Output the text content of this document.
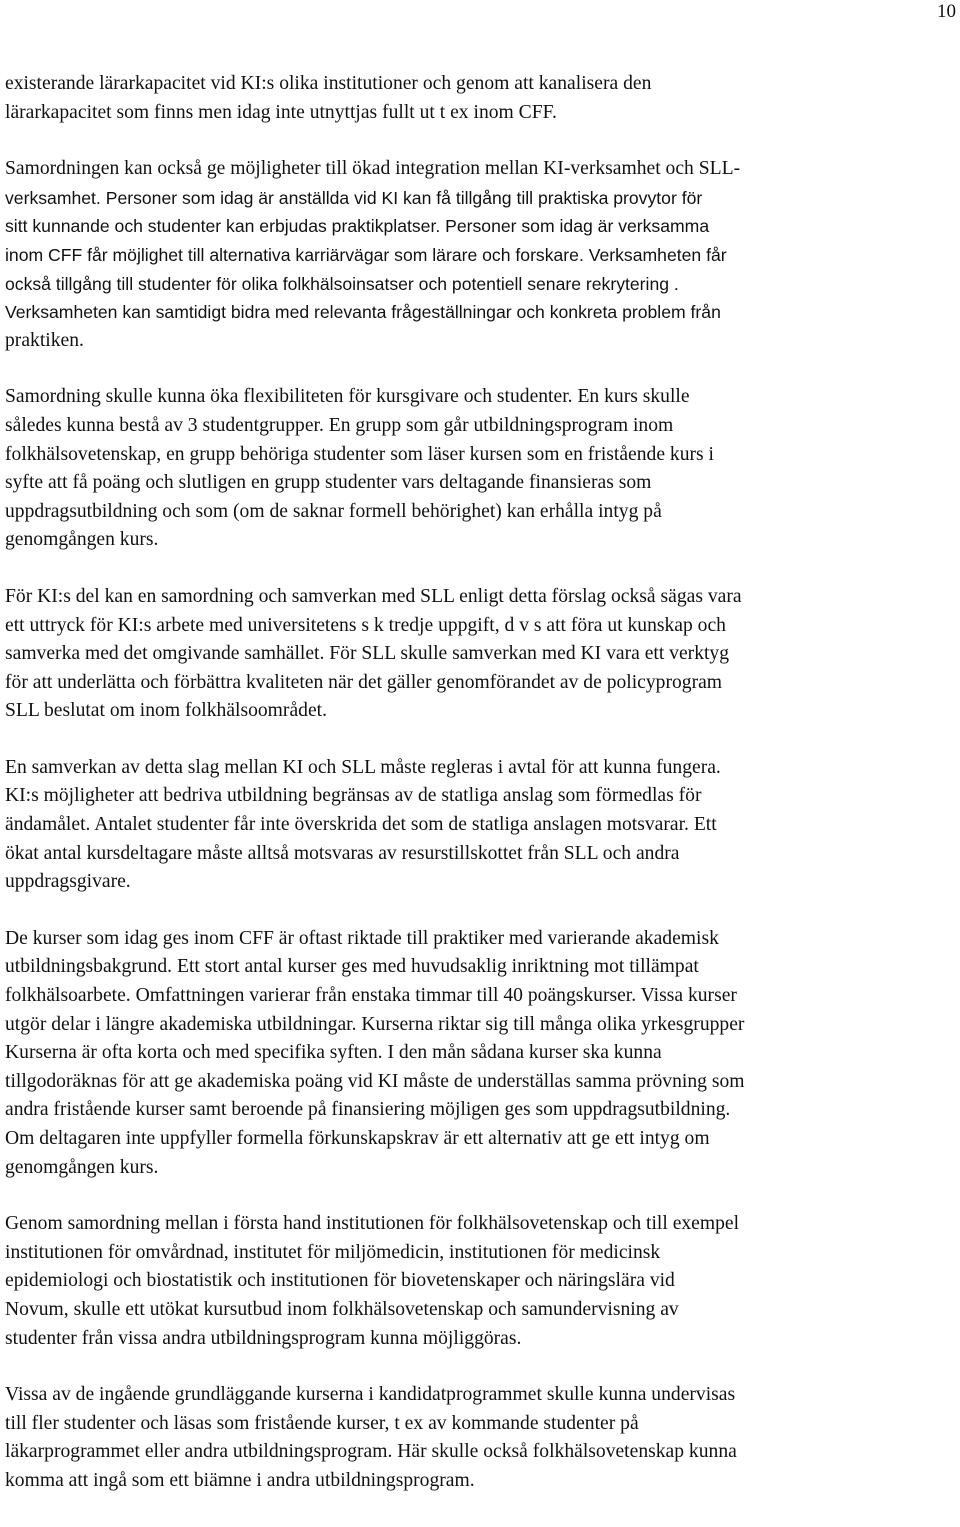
10

existerande lärarkapacitet vid KI:s olika institutioner och genom att kanalisera den
lärarkapacitet som finns men idag inte utnyttjas fullt ut t ex inom CFF.

Samordningen kan också ge möjligheter till ökad integration mellan KI-verksamhet och SLL-
verksamhet. Personer som idag är anställda vid KI kan få tillgång till praktiska provytor för
sitt kunnande och studenter kan erbjudas praktikplatser. Personer som idag är verksamma
inom CFF får möjlighet till alternativa karriärvägar som lärare och forskare. Verksamheten får
också tillgång till studenter för olika folkhälsoinsatser och potentiell senare rekrytering .
Verksamheten kan samtidigt bidra med relevanta frågeställningar och konkreta problem från
praktiken.

Samordning skulle kunna öka flexibiliteten för kursgivare och studenter. En kurs skulle
således kunna bestå av 3 studentgrupper. En grupp som går utbildningsprogram inom
folkhälsovetenskap, en grupp behöriga studenter som läser kursen som en fristående kurs i
syfte att få poäng och slutligen en grupp studenter vars deltagande finansieras som
uppdragsutbildning och som (om de saknar formell behörighet) kan erhålla intyg på
genomgången kurs.

För KI:s del kan en samordning och samverkan med SLL enligt detta förslag också sägas vara
ett uttryck för KI:s arbete med universitetens s k tredje uppgift, d v s att föra ut kunskap och
samverka med det omgivande samhället. För SLL skulle samverkan med KI vara ett verktyg
för att underlätta och förbättra kvaliteten när det gäller genomförandet av de policyprogram
SLL beslutat om inom folkhälsoområdet.

En samverkan av detta slag mellan KI och SLL måste regleras i avtal för att kunna fungera.
KI:s möjligheter att bedriva utbildning begränsas av de statliga anslag som förmedlas för
ändamålet. Antalet studenter får inte överskrida det som de statliga anslagen motsvarar. Ett
ökat antal kursdeltagare måste alltså motsvaras av resurstillskottet från SLL och andra
uppdragsgivare.

De kurser som idag ges inom CFF är oftast riktade till praktiker med varierande akademisk
utbildningsbakgrund. Ett stort antal kurser ges med huvudsaklig inriktning mot tillämpat
folkhälsoarbete. Omfattningen varierar från enstaka timmar till 40 poängskurser. Vissa kurser
utgör delar i längre akademiska utbildningar. Kurserna riktar sig till många olika yrkesgrupper
Kurserna är ofta korta och med specifika syften. I den mån sådana kurser ska kunna
tillgodoräknas för att ge akademiska poäng vid KI måste de underställas samma prövning som
andra fristående kurser samt beroende på finansiering möjligen ges som uppdragsutbildning.
Om deltagaren inte uppfyller formella förkunskapskrav är ett alternativ att ge ett intyg om
genomgången kurs.

Genom samordning mellan i första hand institutionen för folkhälsovetenskap och till exempel
institutionen för omvårdnad, institutet för miljömedicin, institutionen för medicinsk
epidemiologi och biostatistik och institutionen för biovetenskaper och näringslära vid
Novum, skulle ett utökat kursutbud inom folkhälsovetenskap och samundervisning av
studenter från vissa andra utbildningsprogram kunna möjliggöras.

Vissa av de ingående grundläggande kurserna i kandidatprogrammet skulle kunna undervisas
till fler studenter och läsas som fristående kurser, t ex av kommande studenter på
läkarprogrammet eller andra utbildningsprogram. Här skulle också folkhälsovetenskap kunna
komma att ingå som ett biämne i andra utbildningsprogram.
